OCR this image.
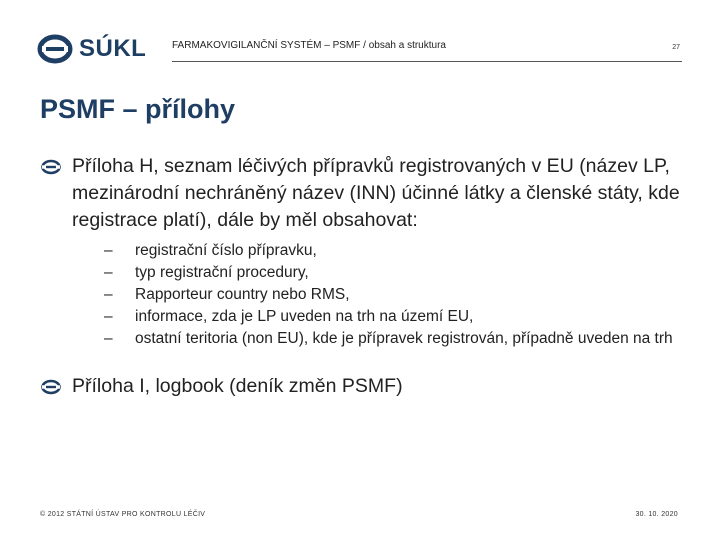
SÚKL	FARMAKOVIGILANČNÍ SYSTÉM – PSMF / obsah a struktura	27
PSMF – přílohy
Příloha H, seznam léčivých přípravků registrovaných v EU (název LP, mezinárodní nechráněný název (INN) účinné látky a členské státy, kde registrace platí), dále by měl obsahovat:
– registrační číslo přípravku,
– typ registrační procedury,
– Rapporteur country nebo RMS,
– informace, zda je LP uveden na trh na území EU,
– ostatní teritoria (non EU), kde je přípravek registrován, případně uveden na trh
Příloha I, logbook (deník změn PSMF)
© 2012 STÁTNÍ ÚSTAV PRO KONTROLU LÉČIV	30. 10. 2020
